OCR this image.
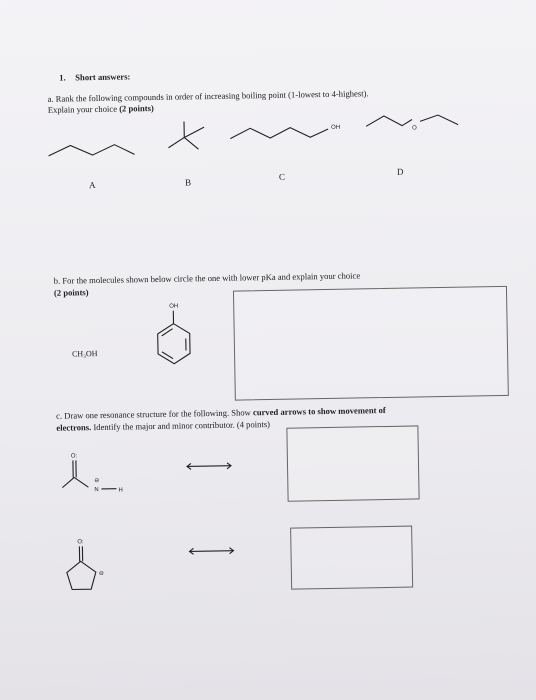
1. Short answers:
a. Rank the following compounds in order of increasing boiling point (1-lowest to 4-highest).
Explain your choice (2 points)
A	B
OH
C
O
D
b. For the molecules shown below circle the one with lower pKa and explain your choice
(2 points)
CH₃OH
OH
c. Draw one resonance structure for the following. Show curved arrows to show movement of
electrons. Identify the major and minor contributor. (4 points)
O:
N
⊖
H
O:
⊖
